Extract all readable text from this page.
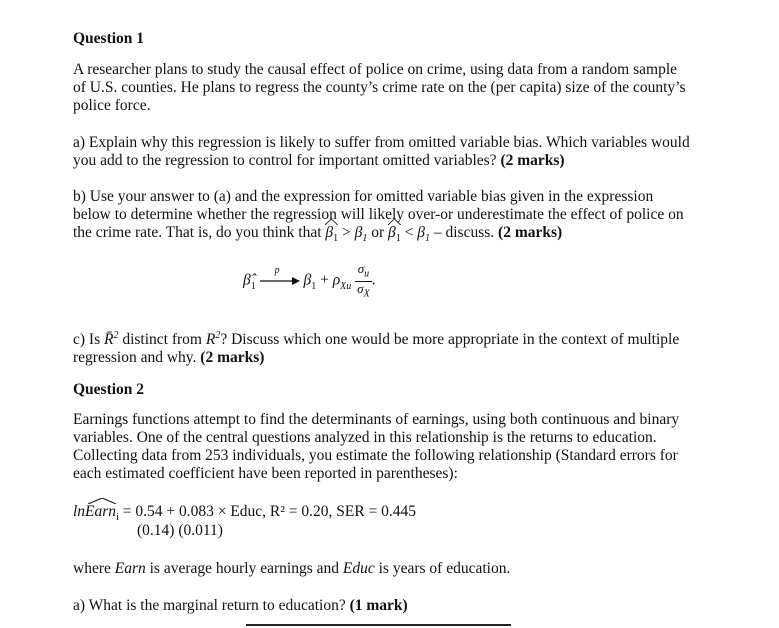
Question 1
A researcher plans to study the causal effect of police on crime, using data from a random sample of U.S. counties. He plans to regress the county’s crime rate on the (per capita) size of the county’s police force.
a) Explain why this regression is likely to suffer from omitted variable bias. Which variables would you add to the regression to control for important omitted variables? (2 marks)
b) Use your answer to (a) and the expression for omitted variable bias given in the expression below to determine whether the regression will likely over-or underestimate the effect of police on the crime rate. That is, do you think that $\beta_1 > \beta_1$ or $\beta_1 < \beta_1$ – discuss. (2 marks)
$\betâ_1$
p
$\beta_1 + \rho_{Xu} \frac{\sigma_u}{\sigma_X}$ .
c) Is R̄$^2$ distinct from $R^2$? Discuss which one would be more appropriate in the context of multiple regression and why. (2 marks)
Question 2
Earnings functions attempt to find the determinants of earnings, using both continuous and binary variables. One of the central questions analyzed in this relationship is the returns to education. Collecting data from 253 individuals, you estimate the following relationship (Standard errors for each estimated coefficient have been reported in parentheses):
lnEarn
$_i$ = 0.54 + 0.083 × Educ, R² = 0.20, SER = 0.445
(0.14) (0.011)
where Earn is average hourly earnings and Educ is years of education.
a) What is the marginal return to education? (1 mark)
